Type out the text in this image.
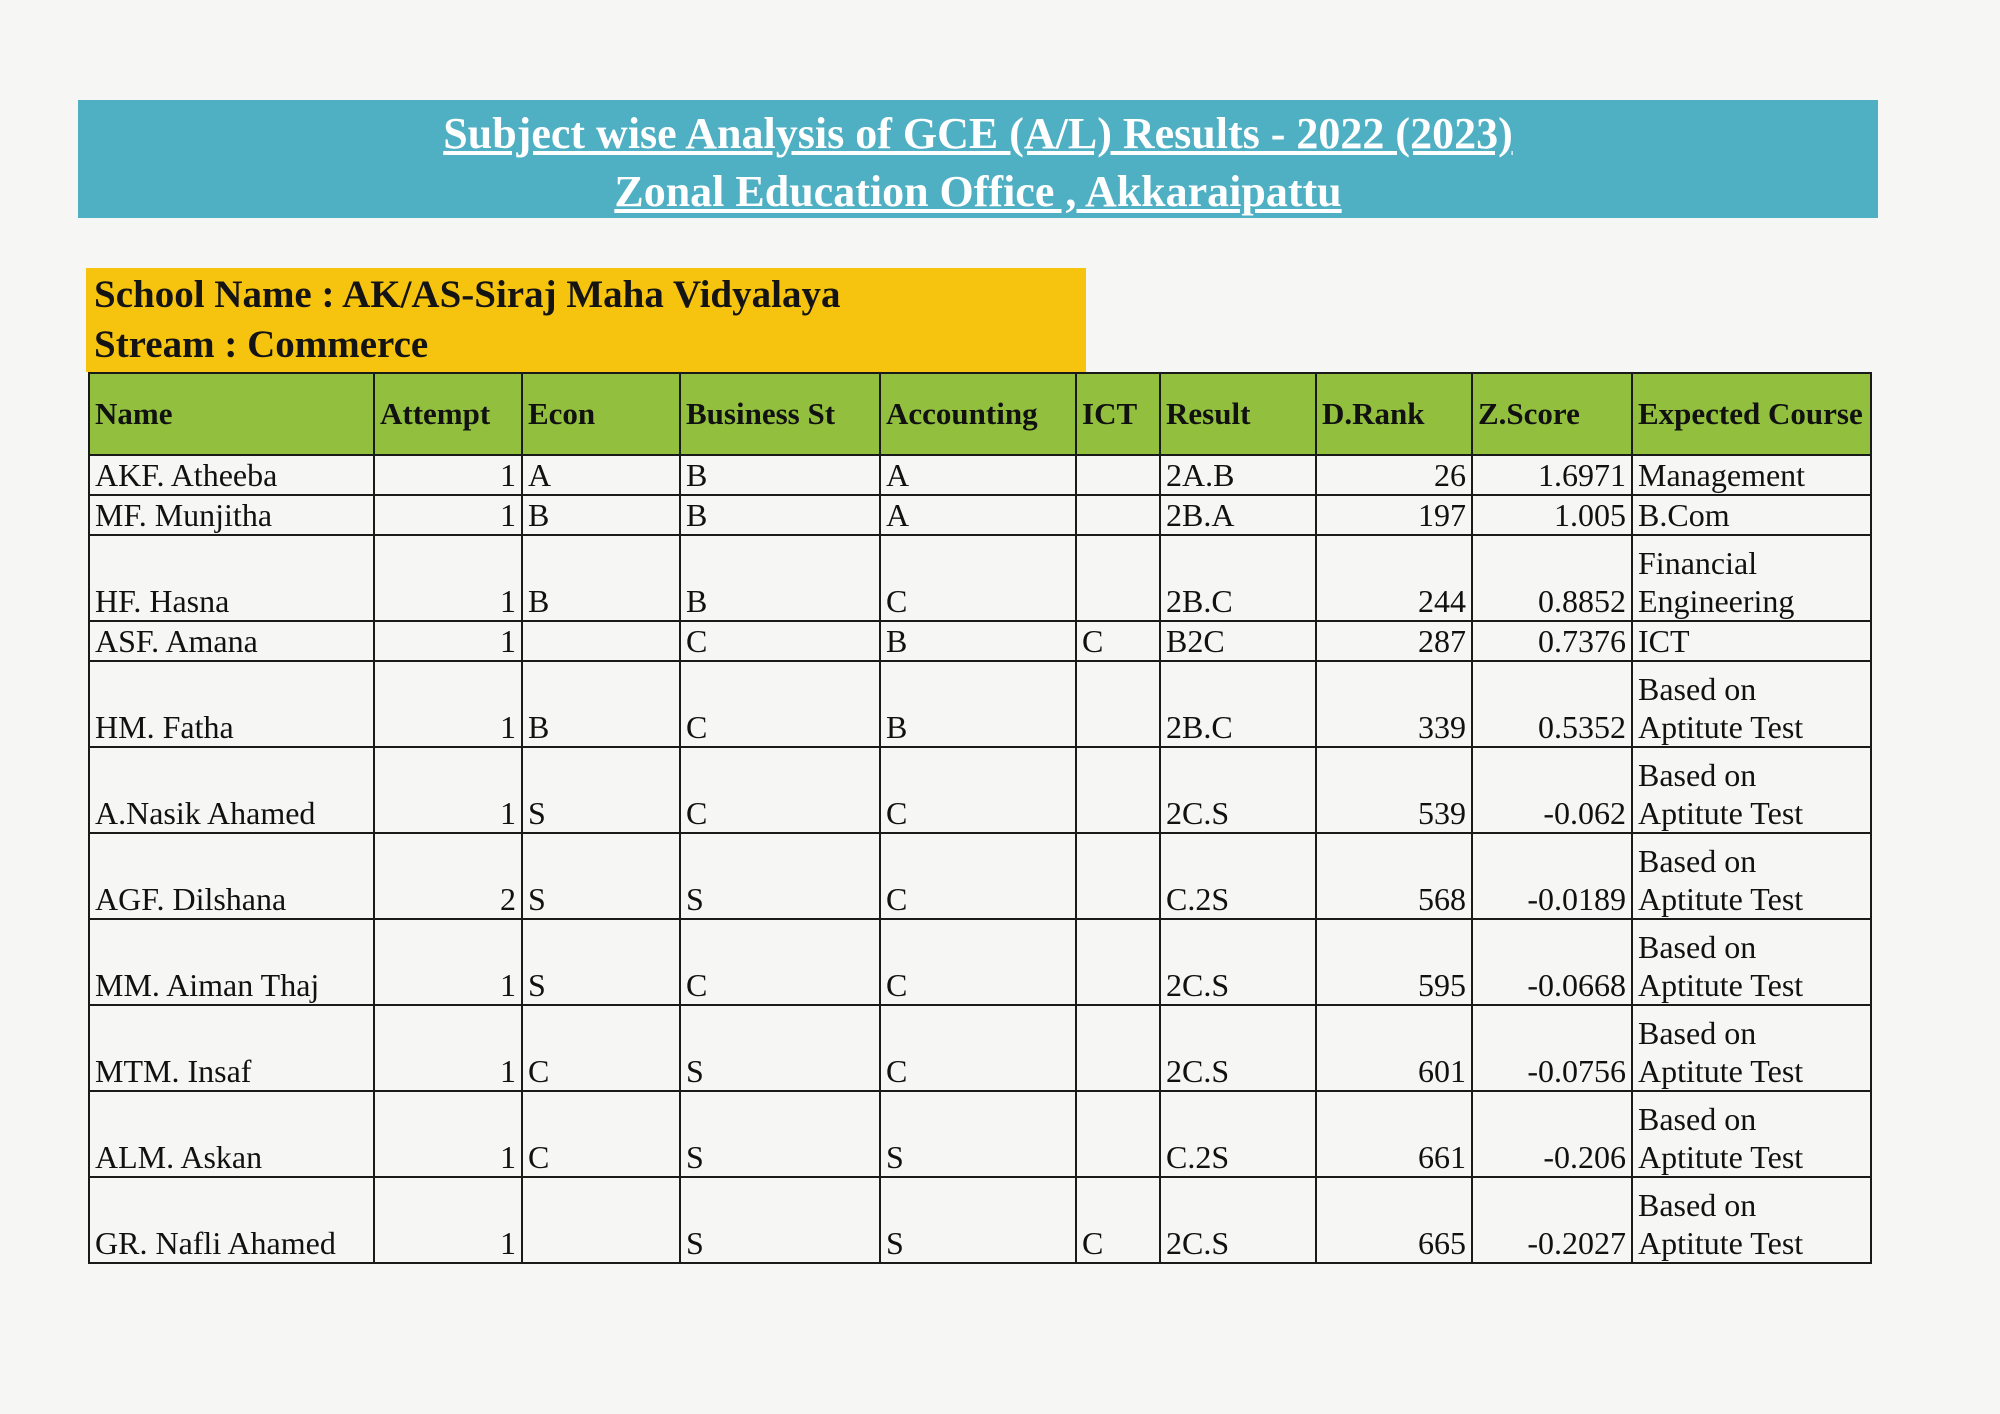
Subject wise Analysis of GCE (A/L) Results - 2022 (2023)
Zonal Education Office , Akkaraipattu
School Name : AK/AS-Siraj Maha Vidyalaya
Stream : Commerce
Name	Attempt	Econ	Business St	Accounting	ICT	Result	D.Rank	Z.Score	Expected Course
AKF. Atheeba	1	A	B	A		2A.B	26	1.6971	Management
MF. Munjitha	1	B	B	A		2B.A	197	1.005	B.Com
HF. Hasna	1	B	B	C		2B.C	244	0.8852	Financial Engineering
ASF. Amana	1		C	B	C	B2C	287	0.7376	ICT
HM. Fatha	1	B	C	B		2B.C	339	0.5352	Based on Aptitute Test
A.Nasik Ahamed	1	S	C	C		2C.S	539	-0.062	Based on Aptitute Test
AGF. Dilshana	2	S	S	C		C.2S	568	-0.0189	Based on Aptitute Test
MM. Aiman Thaj	1	S	C	C		2C.S	595	-0.0668	Based on Aptitute Test
MTM. Insaf	1	C	S	C		2C.S	601	-0.0756	Based on Aptitute Test
ALM. Askan	1	C	S	S		C.2S	661	-0.206	Based on Aptitute Test
GR. Nafli Ahamed	1		S	S	C	2C.S	665	-0.2027	Based on Aptitute Test
